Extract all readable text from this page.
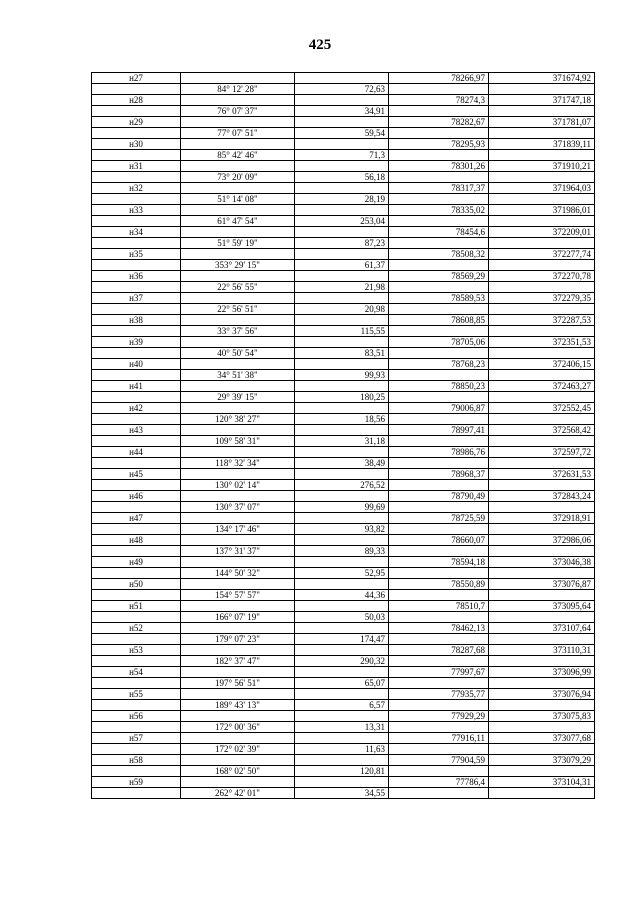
425
н27			78266,97	371674,92
	84° 12' 28"	72,63		
н28			78274,3	371747,18
	76° 07' 37"	34,91		
н29			78282,67	371781,07
	77° 07' 51"	59,54		
н30			78295,93	371839,11
	85° 42' 46"	71,3		
н31			78301,26	371910,21
	73° 20' 09"	56,18		
н32			78317,37	371964,03
	51° 14' 08"	28,19		
н33			78335,02	371986,01
	61° 47' 54"	253,04		
н34			78454,6	372209,01
	51° 59' 19"	87,23		
н35			78508,32	372277,74
	353° 29' 15"	61,37		
н36			78569,29	372270,78
	22° 56' 55"	21,98		
н37			78589,53	372279,35
	22° 56' 51"	20,98		
н38			78608,85	372287,53
	33° 37' 56"	115,55		
н39			78705,06	372351,53
	40° 50' 54"	83,51		
н40			78768,23	372406,15
	34° 51' 38"	99,93		
н41			78850,23	372463,27
	29° 39' 15"	180,25		
н42			79006,87	372552,45
	120° 38' 27"	18,56		
н43			78997,41	372568,42
	109° 58' 31"	31,18		
н44			78986,76	372597,72
	118° 32' 34"	38,49		
н45			78968,37	372631,53
	130° 02' 14"	276,52		
н46			78790,49	372843,24
	130° 37' 07"	99,69		
н47			78725,59	372918,91
	134° 17' 46"	93,82		
н48			78660,07	372986,06
	137° 31' 37"	89,33		
н49			78594,18	373046,38
	144° 50' 32"	52,95		
н50			78550,89	373076,87
	154° 57' 57"	44,36		
н51			78510,7	373095,64
	166° 07' 19"	50,03		
н52			78462,13	373107,64
	179° 07' 23"	174,47		
н53			78287,68	373110,31
	182° 37' 47"	290,32		
н54			77997,67	373096,99
	197° 56' 51"	65,07		
н55			77935,77	373076,94
	189° 43' 13"	6,57		
н56			77929,29	373075,83
	172° 00' 36"	13,31		
н57			77916,11	373077,68
	172° 02' 39"	11,63		
н58			77904,59	373079,29
	168° 02' 50"	120,81		
н59			77786,4	373104,31
	262° 42' 01"	34,55		
